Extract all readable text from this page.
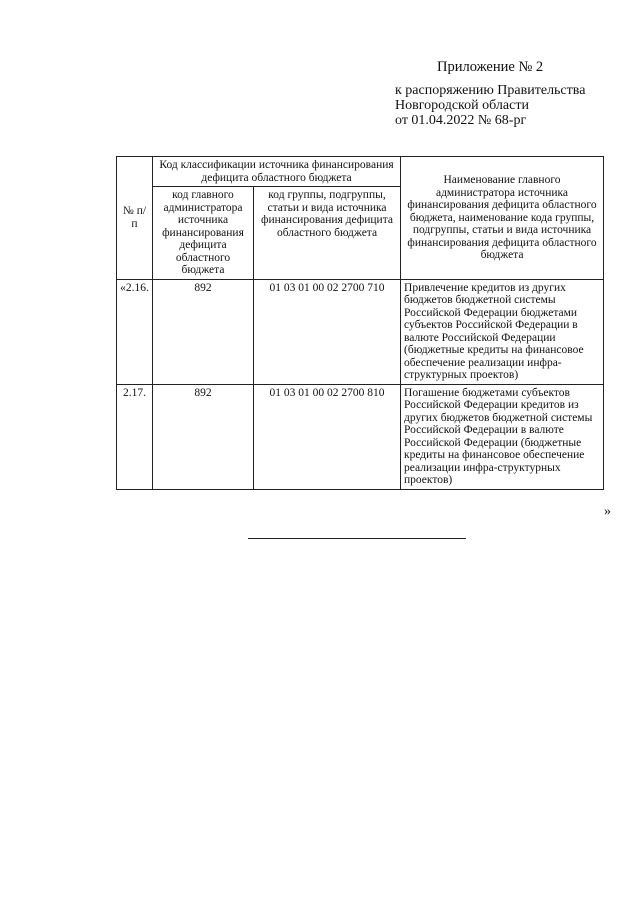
Приложение № 2
к распоряжению Правительства
Новгородской области
от 01.04.2022 № 68-рг
№ п/п	Код классификации источника финансирования дефицита областного бюджета		Наименование главного администратора источника финансирования дефицита областного бюджета, наименование кода группы, подгруппы, статьи и вида источника финансирования дефицита областного бюджета
	код главного администратора источника финансирования дефицита областного бюджета	код группы, подгруппы, статьи и вида источника финансирования дефицита областного бюджета	
«2.16.	892	01 03 01 00 02 2700 710	Привлечение кредитов из других бюджетов бюджетной системы Российской Федерации бюджетами субъектов Российской Федерации в валюте Российской Федерации (бюджетные кредиты на финансовое обеспечение реализации инфра-структурных проектов)
2.17.	892	01 03 01 00 02 2700 810	Погашение бюджетами субъектов Российской Федерации кредитов из других бюджетов бюджетной системы Российской Федерации в валюте Российской Федерации (бюджетные кредиты на финансовое обеспечение реализации инфра-структурных проектов)
»
